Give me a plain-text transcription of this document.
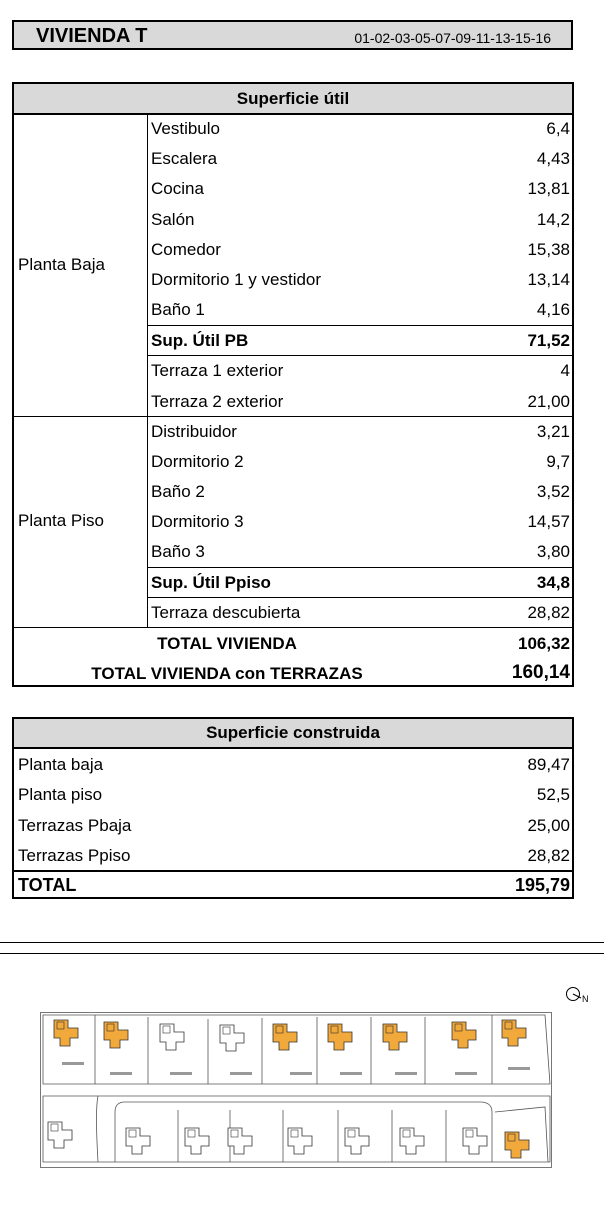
VIVIENDA T	01-02-03-05-07-09-11-13-15-16
Superficie útil
Planta Baja
Vestibulo	6,4
Escalera	4,43
Cocina	13,81
Salón	14,2
Comedor	15,38
Dormitorio 1 y vestidor	13,14
Baño 1	4,16
Sup. Útil PB	71,52
Terraza 1 exterior	4
Terraza 2 exterior	21,00
Planta Piso
Distribuidor	3,21
Dormitorio 2	9,7
Baño 2	3,52
Dormitorio 3	14,57
Baño 3	3,80
Sup. Útil Ppiso	34,8
Terraza descubierta	28,82
TOTAL VIVIENDA	106,32
TOTAL VIVIENDA con TERRAZAS	160,14
Superficie construida
Planta baja	89,47
Planta piso	52,5
Terrazas Pbaja	25,00
Terrazas Ppiso	28,82
TOTAL	195,79
N
